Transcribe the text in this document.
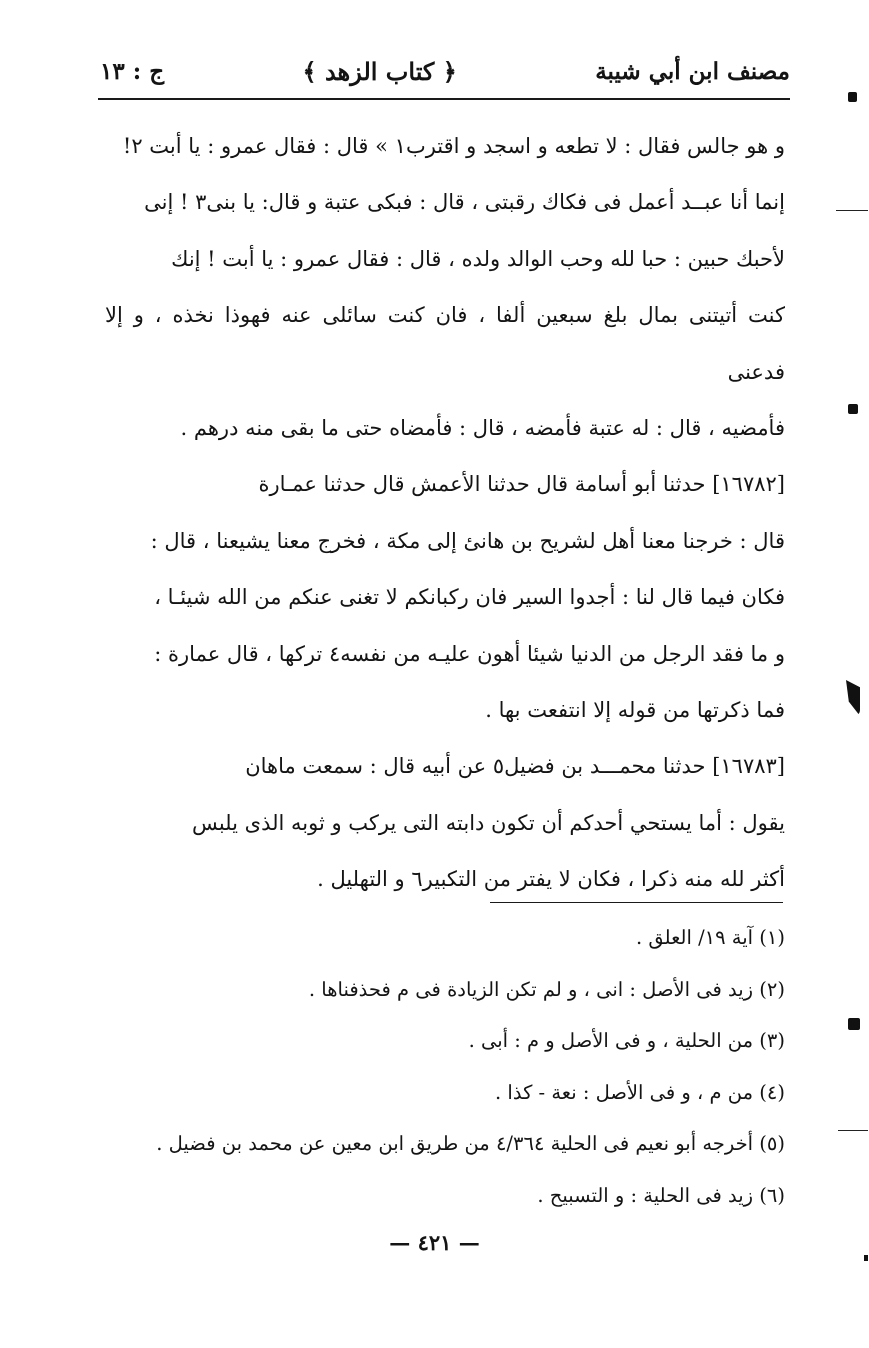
مصنف ابن أبي شيبة
﴿ كتاب الزهد ﴾
ج : ١٣

و هو جالس فقال : لا تطعه و اسجد و اقترب١ » قال : فقال عمرو : يا أبت ٢!

إنما أنا عبــد أعمل فى فكاك رقبتى ، قال : فبكى عتبة و قال: يا بنى٣ ! إنى

لأحبك حبين : حبا لله وحب الوالد ولده ، قال : فقال عمرو : يا أبت ! إنك

كنت أتيتنى بمال بلغ سبعين ألفا ، فان كنت سائلى عنه فهوذا نخذه ، و إلا فدعنى

فأمضيه ، قال : له عتبة فأمضه ، قال : فأمضاه حتى ما بقى منه درهم .

[١٦٧٨٢] حدثنا أبو أسامة قال حدثنا الأعمش قال حدثنا عمـارة

قال : خرجنا معنا أهل لشريح بن هانئ إلى مكة ، فخرج معنا يشيعنا ، قال :

فكان فيما قال لنا : أجدوا السير فان ركبانكم لا تغنى عنكم من الله شيئـا ،

و ما فقد الرجل من الدنيا شيئا أهون عليـه من نفسه٤ تركها ، قال عمارة :

فما ذكرتها من قوله إلا انتفعت بها .

[١٦٧٨٣] حدثنا محمـــد بن فضيل٥ عن أبيه قال : سمعت ماهان

يقول : أما يستحي أحدكم أن تكون دابته التى يركب و ثوبه الذى يلبس

أكثر لله منه ذكرا ، فكان لا يفتر من التكبير٦ و التهليل .

(١) آية ١٩/ العلق .

(٢) زيد فى الأصل : انى ، و لم تكن الزيادة فى م فحذفناها .

(٣) من الحلية ، و فى الأصل و م : أبى .

(٤) من م ، و فى الأصل : نعة - كذا .

(٥) أخرجه أبو نعيم فى الحلية ٤/٣٦٤ من طريق ابن معين عن محمد بن فضيل .

(٦) زيد فى الحلية : و التسبيح .

— ٤٢١ —
